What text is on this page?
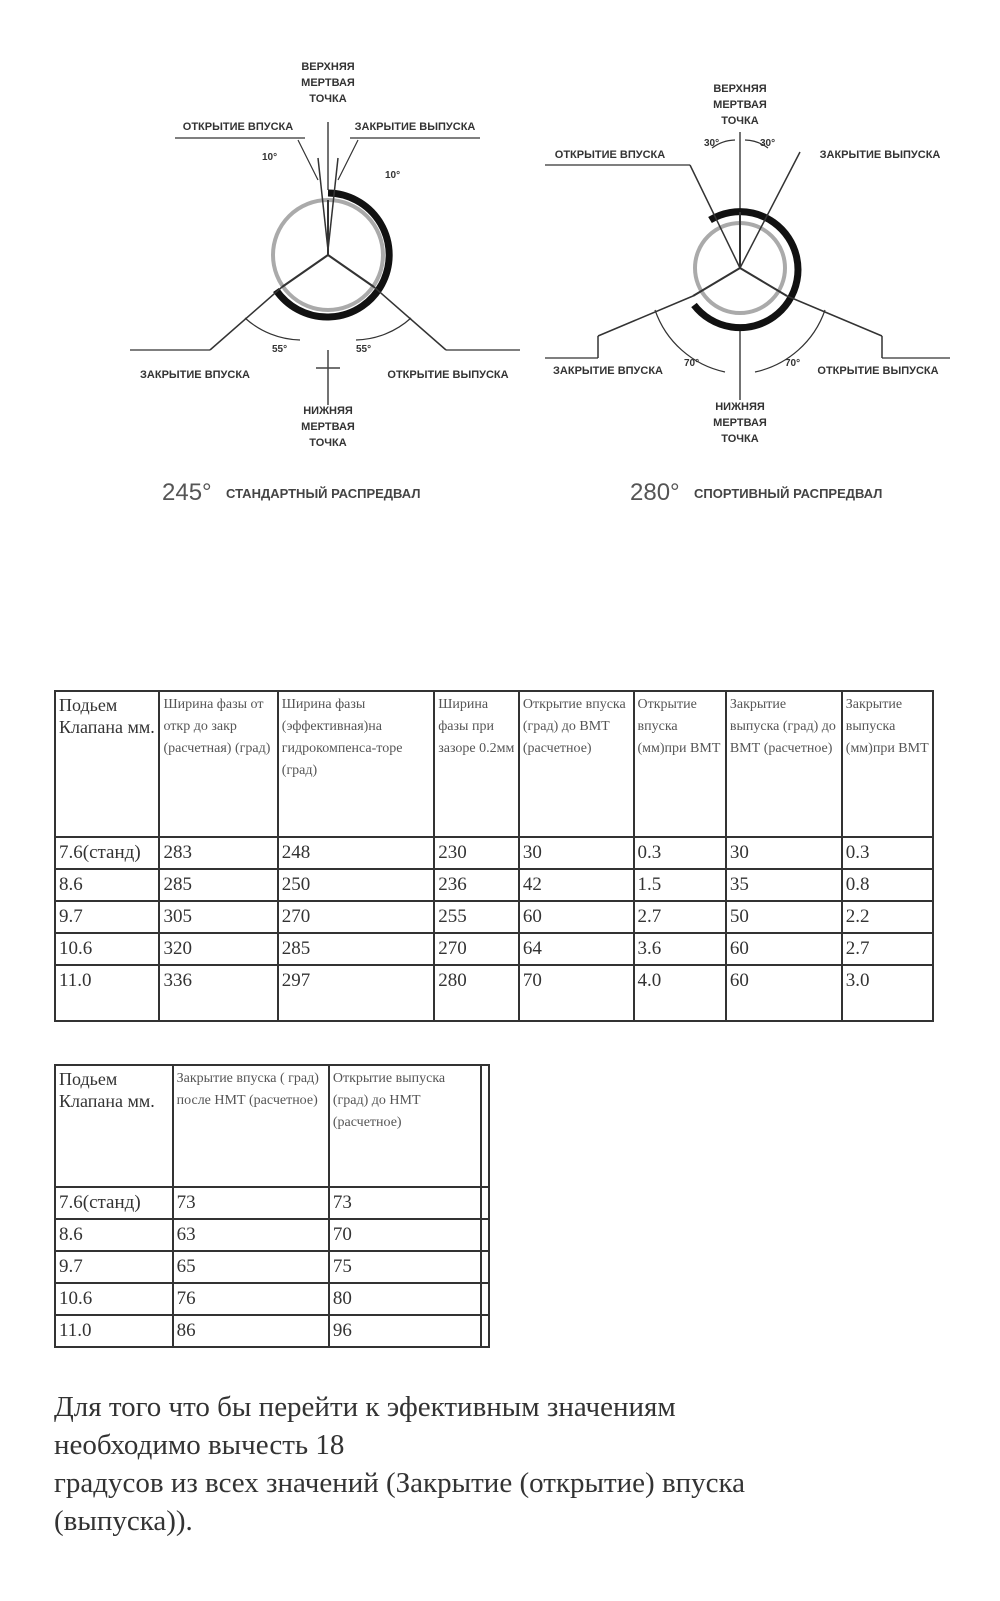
ВЕРХНЯЯ
МЕРТВАЯ
ТОЧКА
ОТКРЫТИЕ ВПУСКА	ЗАКРЫТИЕ ВЫПУСКА
10°
10°
55°	55°
ЗАКРЫТИЕ ВПУСКА	ОТКРЫТИЕ ВЫПУСКА
НИЖНЯЯ
МЕРТВАЯ
ТОЧКА
245° СТАНДАРТНЫЙ РАСПРЕДВАЛ
ВЕРХНЯЯ
МЕРТВАЯ
ТОЧКА
ОТКРЫТИЕ ВПУСКА	ЗАКРЫТИЕ ВЫПУСКА
30°	30°
70°	70°
ЗАКРЫТИЕ ВПУСКА	ОТКРЫТИЕ ВЫПУСКА
НИЖНЯЯ
МЕРТВАЯ
ТОЧКА
280° СПОРТИВНЫЙ РАСПРЕДВАЛ
Подьем Клапана мм.	Ширина фазы от откр до закр (расчетная) (град)	Ширина фазы (эффективная)на гидрокомпенса-торе (град)	Ширина фазы при зазоре 0.2мм	Открытие впуска (град) до ВМТ (расчетное)	Открытие впуска (мм)при ВМТ	Закрытие выпуска (град) до ВМТ (расчетное)	Закрытие выпуска (мм)при ВМТ
7.6(станд)	283	248	230	30	0.3	30	0.3
8.6	285	250	236	42	1.5	35	0.8
9.7	305	270	255	60	2.7	50	2.2
10.6	320	285	270	64	3.6	60	2.7
11.0	336	297	280	70	4.0	60	3.0
Подьем Клапана мм.	Закрытие впуска ( град) после НМТ (расчетное)	Открытие выпуска (град) до НМТ (расчетное)	
7.6(станд)	73	73	
8.6	63	70	
9.7	65	75	
10.6	76	80	
11.0	86	96	

Для того что бы перейти к эфективным значениям
необходимо вычесть 18
градусов из всех значений (Закрытие (открытие) впуска
(выпуска)).
